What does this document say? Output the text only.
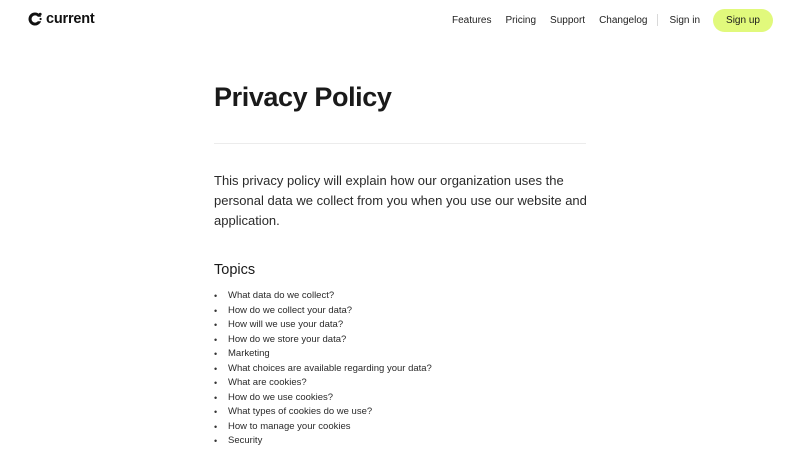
current	Features Pricing Support Changelog Sign in	Sign up
Privacy Policy

This privacy policy will explain how our organization uses the personal data we collect from you when you use our website and application.

Topics
•	What data do we collect?
•	How do we collect your data?
•	How will we use your data?
•	How do we store your data?
•	Marketing
•	What choices are available regarding your data?
•	What are cookies?
•	How do we use cookies?
•	What types of cookies do we use?
•	How to manage your cookies
•	Security
